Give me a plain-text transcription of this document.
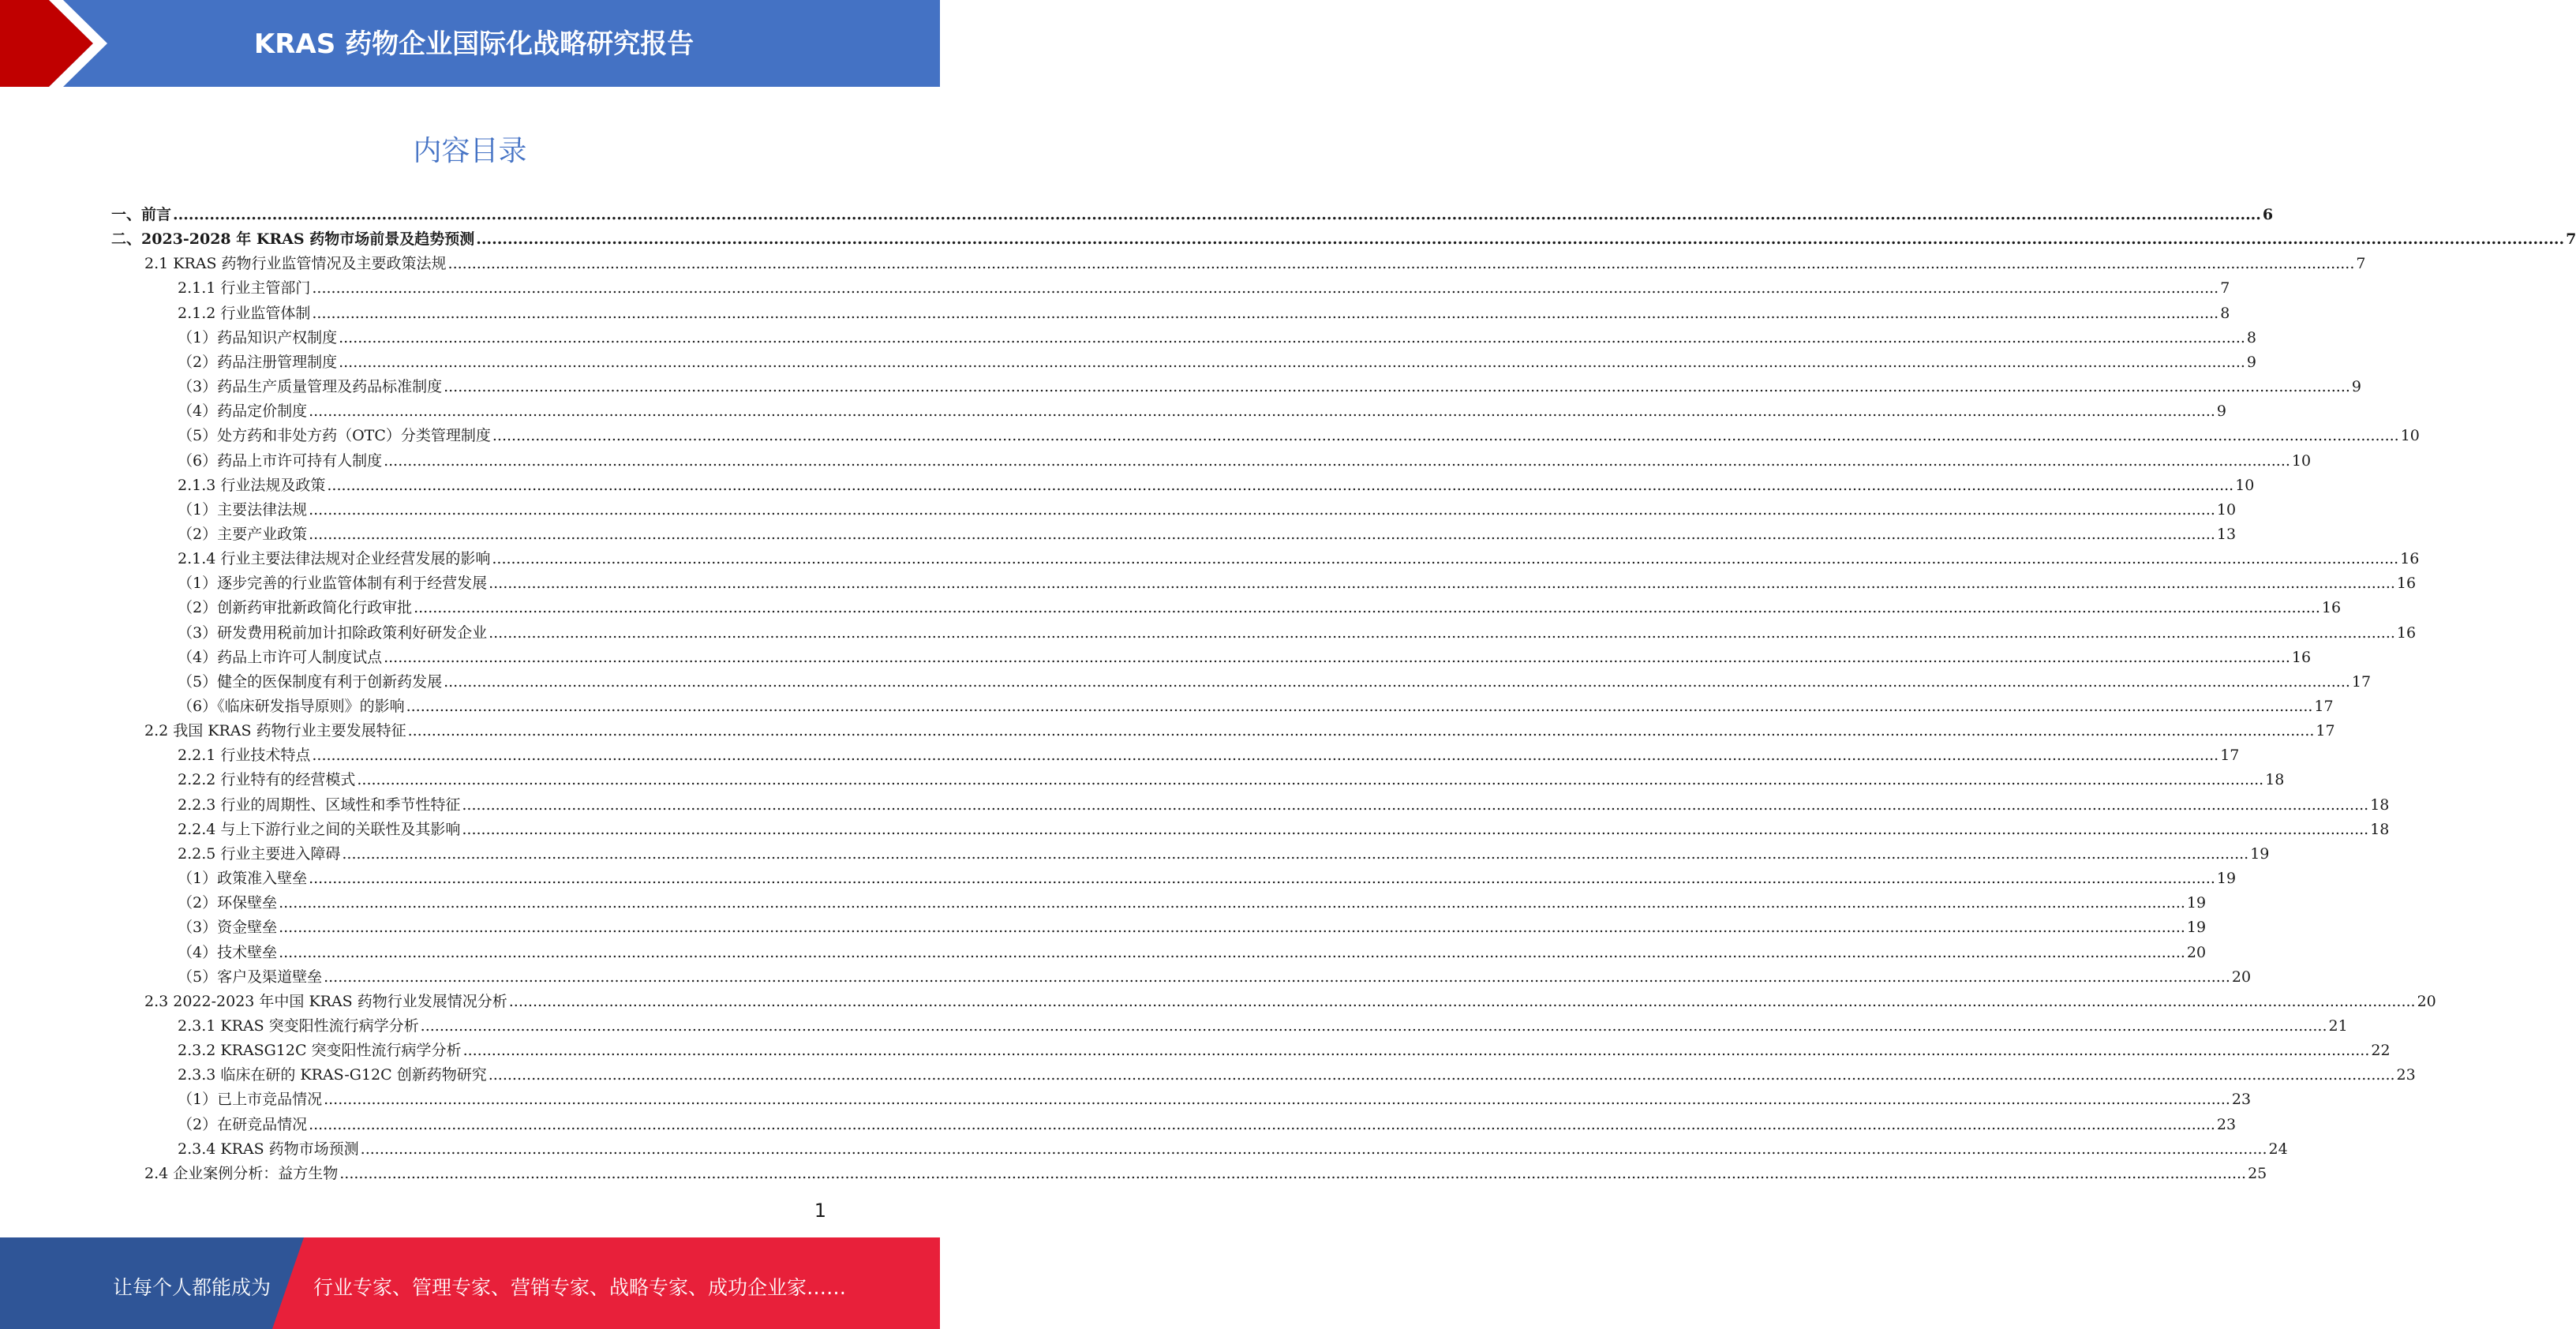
KRAS 药物企业国际化战略研究报告
内容目录
一、前言 ................................................................................................................................................................................................................................................................................................................................................................................................................ 6
二、2023-2028 年 KRAS 药物市场前景及趋势预测 ................................................................................................................................................................................................................................................................................................................................................................................................................ 7
2.1 KRAS 药物行业监管情况及主要政策法规 ................................................................................................................................................................................................................................................................................................................................................................................................................ 7
2.1.1 行业主管部门 ................................................................................................................................................................................................................................................................................................................................................................................................................ 7
2.1.2 行业监管体制 ................................................................................................................................................................................................................................................................................................................................................................................................................ 8
（1）药品知识产权制度 ................................................................................................................................................................................................................................................................................................................................................................................................................ 8
（2）药品注册管理制度 ................................................................................................................................................................................................................................................................................................................................................................................................................ 9
（3）药品生产质量管理及药品标准制度 ................................................................................................................................................................................................................................................................................................................................................................................................................ 9
（4）药品定价制度 ................................................................................................................................................................................................................................................................................................................................................................................................................ 9
（5）处方药和非处方药（OTC）分类管理制度 ................................................................................................................................................................................................................................................................................................................................................................................................................ 10
（6）药品上市许可持有人制度 ................................................................................................................................................................................................................................................................................................................................................................................................................ 10
2.1.3 行业法规及政策 ................................................................................................................................................................................................................................................................................................................................................................................................................ 10
（1）主要法律法规 ................................................................................................................................................................................................................................................................................................................................................................................................................ 10
（2）主要产业政策 ................................................................................................................................................................................................................................................................................................................................................................................................................ 13
2.1.4 行业主要法律法规对企业经营发展的影响 ................................................................................................................................................................................................................................................................................................................................................................................................................ 16
（1）逐步完善的行业监管体制有利于经营发展 ................................................................................................................................................................................................................................................................................................................................................................................................................ 16
（2）创新药审批新政简化行政审批 ................................................................................................................................................................................................................................................................................................................................................................................................................ 16
（3）研发费用税前加计扣除政策利好研发企业 ................................................................................................................................................................................................................................................................................................................................................................................................................ 16
（4）药品上市许可人制度试点 ................................................................................................................................................................................................................................................................................................................................................................................................................ 16
（5）健全的医保制度有利于创新药发展 ................................................................................................................................................................................................................................................................................................................................................................................................................ 17
（6）《临床研发指导原则》的影响 ................................................................................................................................................................................................................................................................................................................................................................................................................ 17
2.2 我国 KRAS 药物行业主要发展特征 ................................................................................................................................................................................................................................................................................................................................................................................................................ 17
2.2.1 行业技术特点 ................................................................................................................................................................................................................................................................................................................................................................................................................ 17
2.2.2 行业特有的经营模式 ................................................................................................................................................................................................................................................................................................................................................................................................................ 18
2.2.3 行业的周期性、区域性和季节性特征 ................................................................................................................................................................................................................................................................................................................................................................................................................ 18
2.2.4 与上下游行业之间的关联性及其影响 ................................................................................................................................................................................................................................................................................................................................................................................................................ 18
2.2.5 行业主要进入障碍 ................................................................................................................................................................................................................................................................................................................................................................................................................ 19
（1）政策准入壁垒 ................................................................................................................................................................................................................................................................................................................................................................................................................ 19
（2）环保壁垒 ................................................................................................................................................................................................................................................................................................................................................................................................................ 19
（3）资金壁垒 ................................................................................................................................................................................................................................................................................................................................................................................................................ 19
（4）技术壁垒 ................................................................................................................................................................................................................................................................................................................................................................................................................ 20
（5）客户及渠道壁垒 ................................................................................................................................................................................................................................................................................................................................................................................................................ 20
2.3 2022-2023 年中国 KRAS 药物行业发展情况分析 ................................................................................................................................................................................................................................................................................................................................................................................................................ 20
2.3.1 KRAS 突变阳性流行病学分析 ................................................................................................................................................................................................................................................................................................................................................................................................................ 21
2.3.2 KRASG12C 突变阳性流行病学分析 ................................................................................................................................................................................................................................................................................................................................................................................................................ 22
2.3.3 临床在研的 KRAS-G12C 创新药物研究 ................................................................................................................................................................................................................................................................................................................................................................................................................ 23
（1）已上市竞品情况 ................................................................................................................................................................................................................................................................................................................................................................................................................ 23
（2）在研竞品情况 ................................................................................................................................................................................................................................................................................................................................................................................................................ 23
2.3.4 KRAS 药物市场预测 ................................................................................................................................................................................................................................................................................................................................................................................................................ 24
2.4 企业案例分析：益方生物 ................................................................................................................................................................................................................................................................................................................................................................................................................ 25
1
让每个人都能成为 行业专家、管理专家、营销专家、战略专家、成功企业家……
